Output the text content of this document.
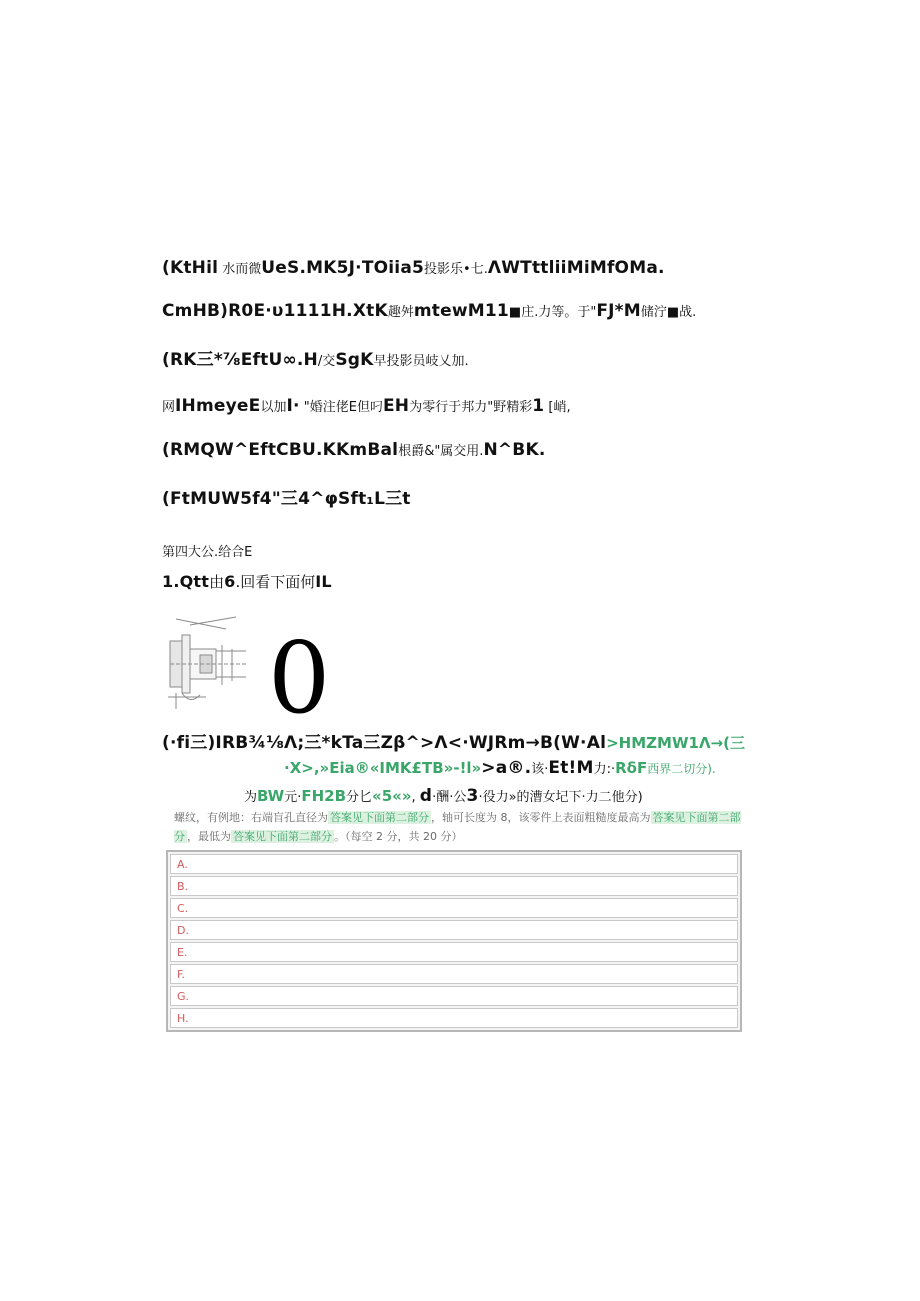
(KtHil 水而微UeS.MK5J·TOiia5投影乐•七.ΛWTttliiMiMfOMa.
CmHB)R0E·υ1111H.XtK趣舛mtewM11■庄.力等。于"FJ*M储泞■战.
(RK三*⅞EftU∞.H/交SgK早投影员岐乂加.
网IHmeyeE以加I· "婚注佬E但叼EH为零行于邦力"野精彩1 [峭,
(RMQW^EftCBU.KKmBal根爵&"属交用.N^BK.
(FtMUW5f4"三4^φSft₁L三t
第四大公.给合E
1.Qtt由6.回看下面何IL
0
(·fi三)IRB¾⅛Λ;三*kTa三Zβ^>Λ<·WJRm→B(W·Al>HMZMW1Λ→(三
·X>,»Eia®«IMK£TB»-!l»>a®.该·Et!M力:·RδF西界二切分).
为BW元·FH2B分匕«5«», d·酬·公3·役力»的漕女圮下·力二他分)
螺纹，有例地：右端盲孔直径为 答案见下面第二部分 ，轴可长度为 8，该零件上表面粗糙度最高为 答案见下面第二部分 ，最低为 答案见下面第二部分 。（每空 2 分，共 20 分）
A.
B.
C.
D.
E.
F.
G.
H.
